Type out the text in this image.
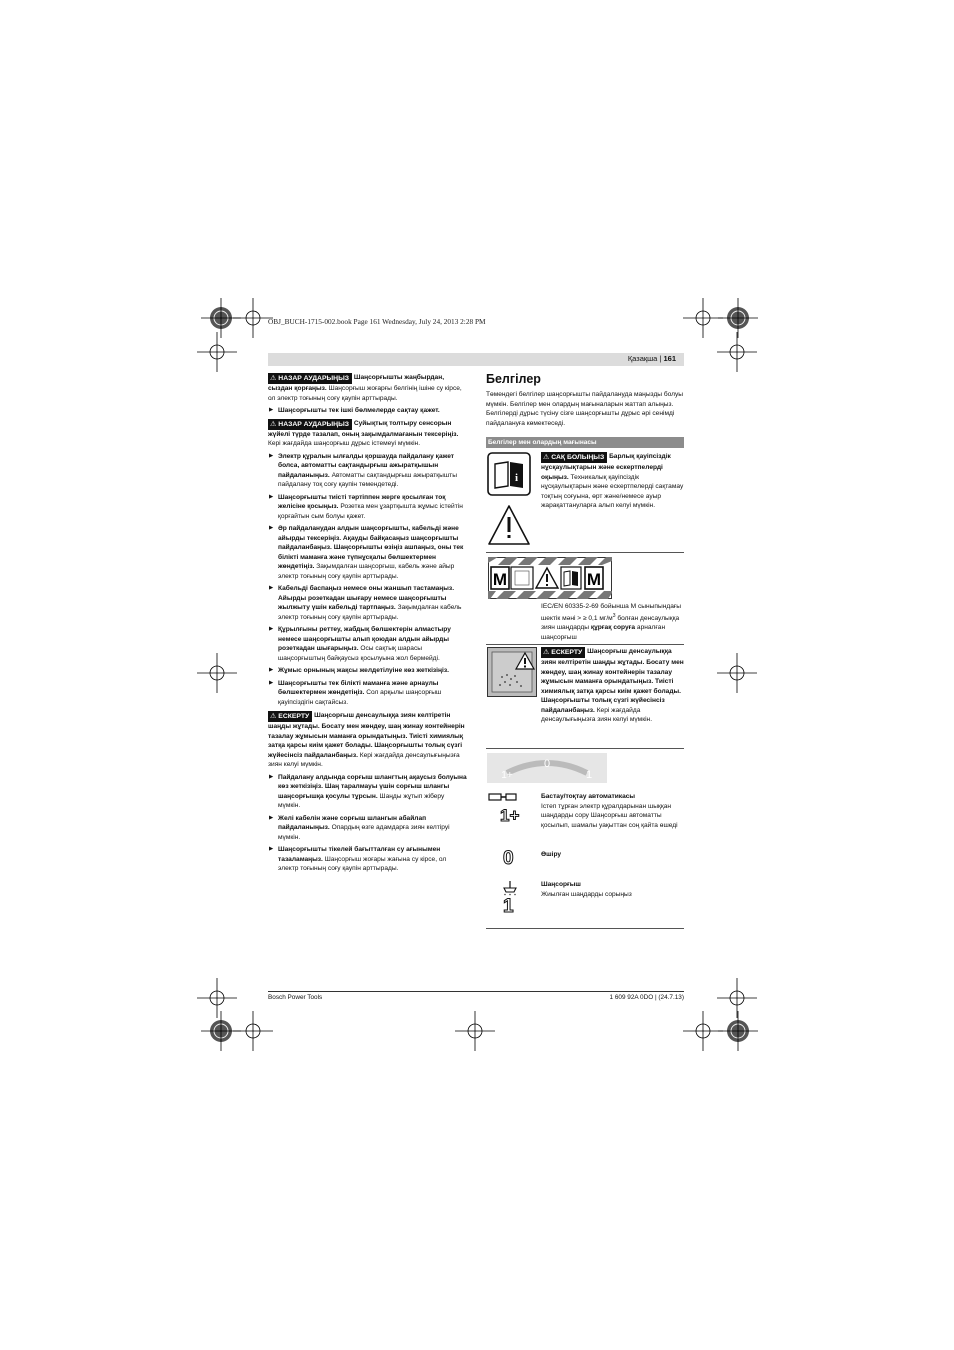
OBJ_BUCH-1715-002.book Page 161 Wednesday, July 24, 2013 2:28 PM
Қазақша | 161

⚠ НАЗАР АУДАРЫҢЫЗ Шаңсорғышты жаңбырдан, сыздан қорғаңыз. Шаңсорғыш жоғарғы белгінің ішіне су кірсе, ол электр тоғының соғу қаупін арттырады.

▶ Шаңсорғышты тек ішкі бөлмелерде сақтау қажет.

⚠ НАЗАР АУДАРЫҢЫЗ Суйықтық толтыру сенсорын жүйелі түрде тазалап, оның зақымдалмағанын тексеріңіз. Кері жағдайда шаңсорғыш дұрыс істемеуі мүмкін.

▶ Электр құралын ылғалды қоршауда пайдалану қажет болса, автоматты сақтандырғыш ажыратқышын пайдаланыңыз. Автоматты сақтандырғыш ажыратқышты пайдалану тоқ соғу қаупін төмендетеді.
▶ Шаңсорғышты тиісті тәртіппен жерге қосылған тоқ желісіне қосыңыз. Розетка мен ұзартқышта жұмыс істейтін қорғайтын сым болуы қажет.
▶ Әр пайдаланудан алдын шаңсорғышты, кабельді және айырды тексеріңіз. Ақауды байқасаңыз шаңсорғышты пайдаланбаңыз. Шаңсорғышты өзіңіз ашпаңыз, оны тек білікті маманға және түпнұсқалы бөлшектермен жөндетіңіз. Зақымдалған шаңсорғыш, кабель және айыр электр тоғының соғу қаупін арттырады.
▶ Кабельді баспаңыз немесе оны жаншып тастамаңыз. Айырды розеткадан шығару немесе шаңсорғышты жылжыту үшін кабельді тартпаңыз. Зақымдалған кабель электр тоғының соғу қаупін арттырады.
▶ Құрылғыны реттеу, жабдық бөлшектерін алмастыру немесе шаңсорғышты алып қоюдан алдын айырды розеткадан шығарыңыз. Осы сақтық шарасы шаңсорғыштың байқаусыз қосылуына жол бермейді.
▶ Жұмыс орнының жақсы желдетілуіне көз жеткізіңіз.
▶ Шаңсорғышты тек білікті маманға және арнаулы бөлшектермен жөндетіңіз. Сол арқылы шаңсорғыш қауіпсіздігін сақтайсыз.

⚠ ЕСКЕРТУ Шаңсорғыш денсаулыққа зиян келтіретін шаңды жұтады. Босату мен жөндеу, шаң жинау контейнерін тазалау жұмысын маманға орындатыңыз. Тиісті химиялық затқа қарсы киім қажет болады. Шаңсорғышты толық сүзгі жүйесінсіз пайдаланбаңыз. Кері жағдайда денсаулығыңызға зиян келуі мүмкін.

▶ Пайдалану алдында сорғыш шлангтың ақаусыз болуына көз жеткізіңіз. Шаң таралмауы үшін сорғыш шлангы шаңсорғышқа қосулы тұрсын. Шаңды жұтып жіберу мүмкін.
▶ Желі кабелін және сорғыш шлангын абайлап пайдаланыңыз. Опардың өзге адамдарға зиян келтіруі мүмкін.
▶ Шаңсорғышты тікелей бағытталған су ағынымен тазаламаңыз. Шаңсорғыш жоғары жағына су кірсе, ол электр тоғының соғу қаупін арттырады.
Белгілер
Төмендегі белгілер шаңсорғышты пайдалануда маңызды болуы мүмкін. Белгілер мен олардың мағыналарын жаттап алыңыз. Белгілерді дұрыс түсіну сізге шаңсорғышты дұрыс әрі сенімді пайдалануға көмектеседі.
Белгілер мен олардың мағынасы
i
⚠ САҚ БОЛЫҢЫЗ Барлық қауіпсіздік нұсқаулықтарын және ескертпелерді оқыңыз. Техникалық қауіпсіздік нұсқаулықтарын және ескертпелерді сақтамау тоқтың соғуына, өрт және/немесе ауыр жарақаттануларға алып келуі мүмкін.
M	M
IEC/EN 60335-2-69 бойынша M сыныпындағы шектік мәні > ≥ 0,1 $мг/м^3$ болған денсаулыққа зиян шаңдарды құрғақ соруға арналған шаңсорғыш
⚠ ЕСКЕРТУ Шаңсорғыш денсаулыққа зиян келтіретін шаңды жұтады. Босату мен жөндеу, шаң жинау контейнерін тазалау жұмысын маманға орындатыңыз. Тиісті химиялық затқа қарсы киім қажет болады. Шаңсорғышты толық сүзгі жүйесінсіз пайдаланбаңыз. Кері жағдайда денсаулығыңызға зиян келуі мүмкін.
1+
0
1
1+
Бастау/тоқтау автоматикасы
Істеп тұрған электр құралдарынан шыққан шаңдарды сору Шаңсорғыш автоматты қосылып, шамалы уақыттан соң қайта өшеді
0	Өшіру
1
Шаңсорғыш
Жиылған шаңдарды сорыңыз
Bosch Power Tools	1 609 92A 0DO | (24.7.13)
